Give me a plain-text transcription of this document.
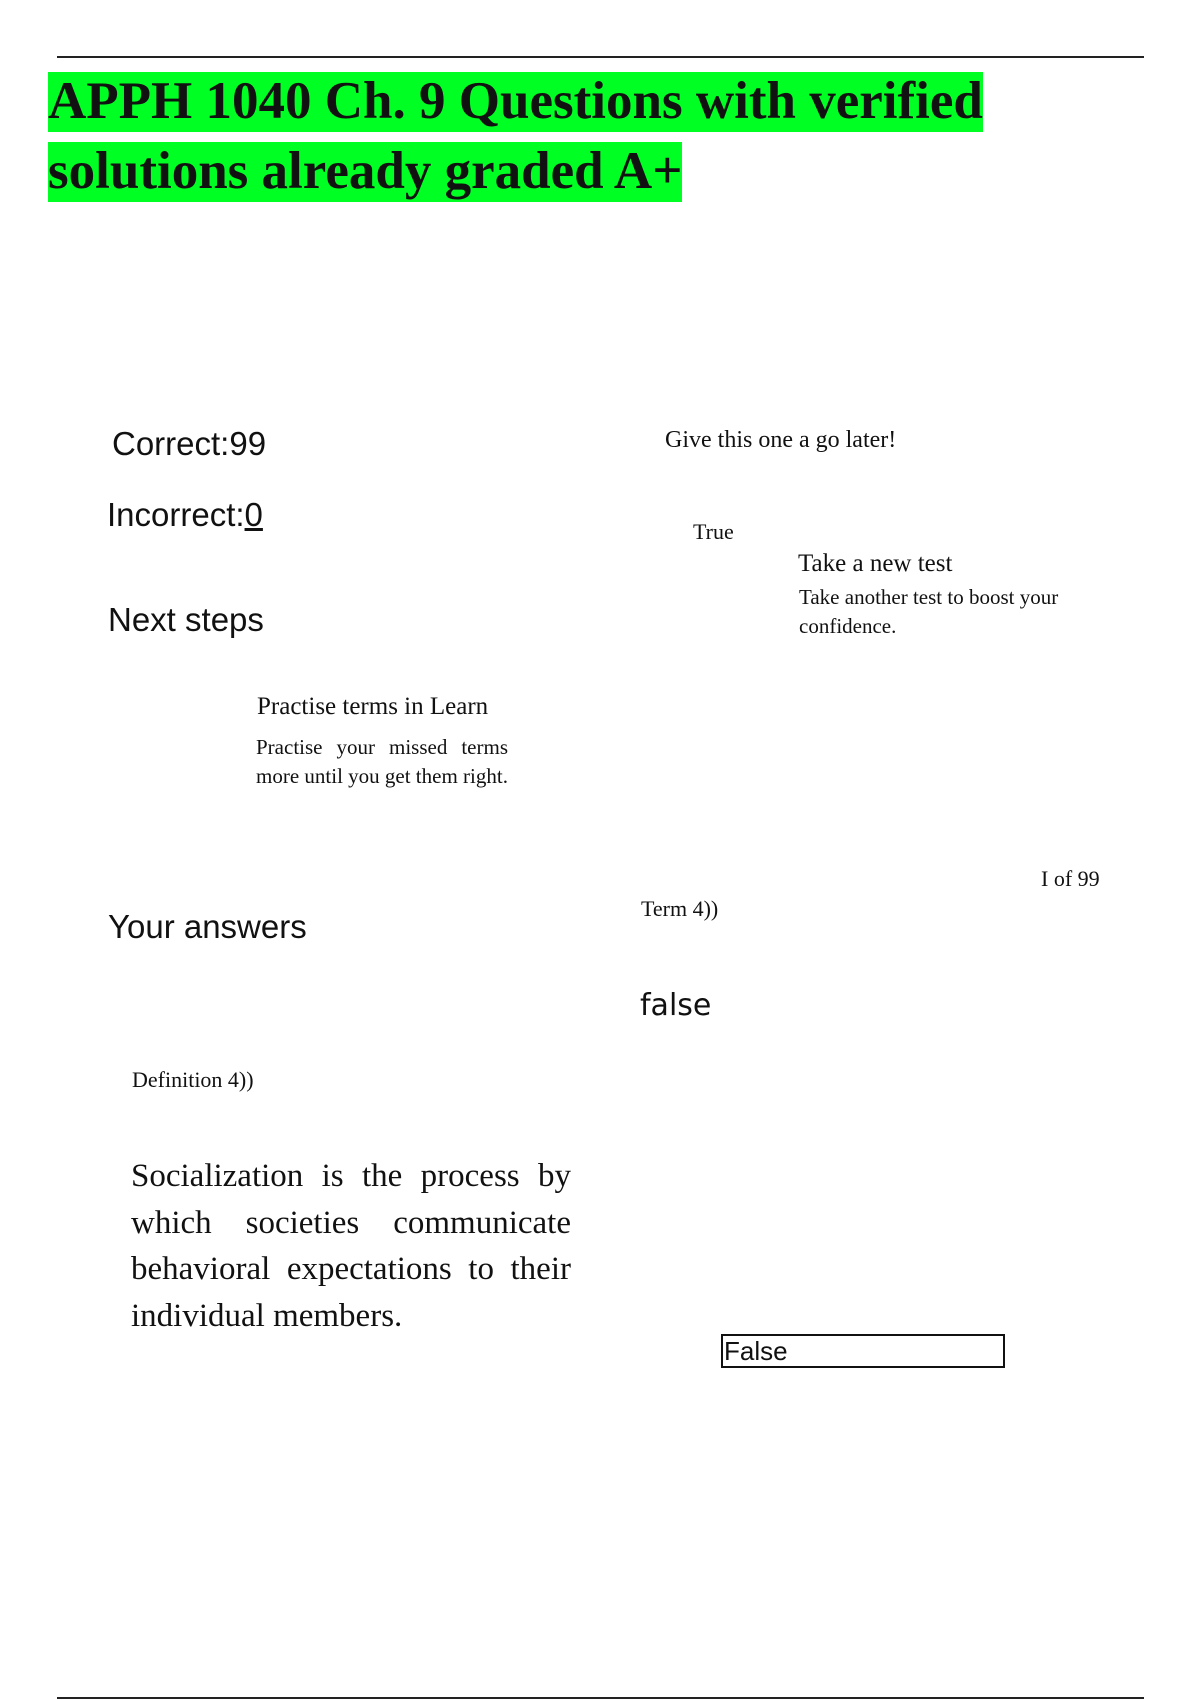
APPH 1040 Ch. 9 Questions with verified solutions already graded A+

Correct:99

Incorrect:0

Next steps

Practise terms in Learn

Practise your missed terms more until you get them right.

Your answers

Definition 4))

Socialization is the process by which societies communicate behavioral expectations to their individual members.

Give this one a go later!

True

Take a new test

Take another test to boost your confidence.

I of 99

Term 4))

false

False
